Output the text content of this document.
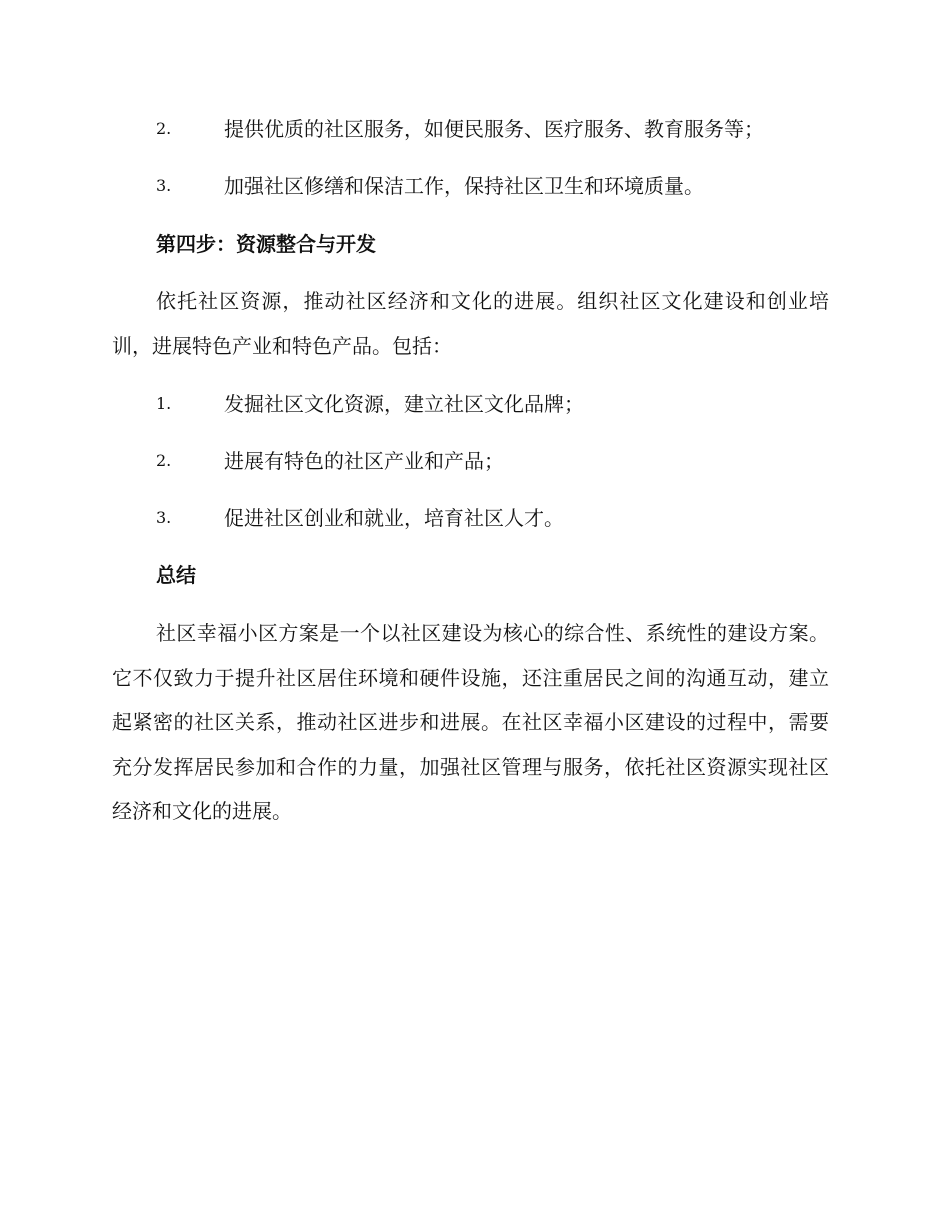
2.	提供优质的社区服务，如便民服务、医疗服务、教育服务等；
3.	加强社区修缮和保洁工作，保持社区卫生和环境质量。
第四步：资源整合与开发

依托社区资源，推动社区经济和文化的进展。组织社区文化建设和创业培训，进展特色产业和特色产品。包括：

1.	发掘社区文化资源，建立社区文化品牌；
2.	进展有特色的社区产业和产品；
3.	促进社区创业和就业，培育社区人才。
总结

社区幸福小区方案是一个以社区建设为核心的综合性、系统性的建设方案。它不仅致力于提升社区居住环境和硬件设施，还注重居民之间的沟通互动，建立起紧密的社区关系，推动社区进步和进展。在社区幸福小区建设的过程中，需要充分发挥居民参加和合作的力量，加强社区管理与服务，依托社区资源实现社区经济和文化的进展。
